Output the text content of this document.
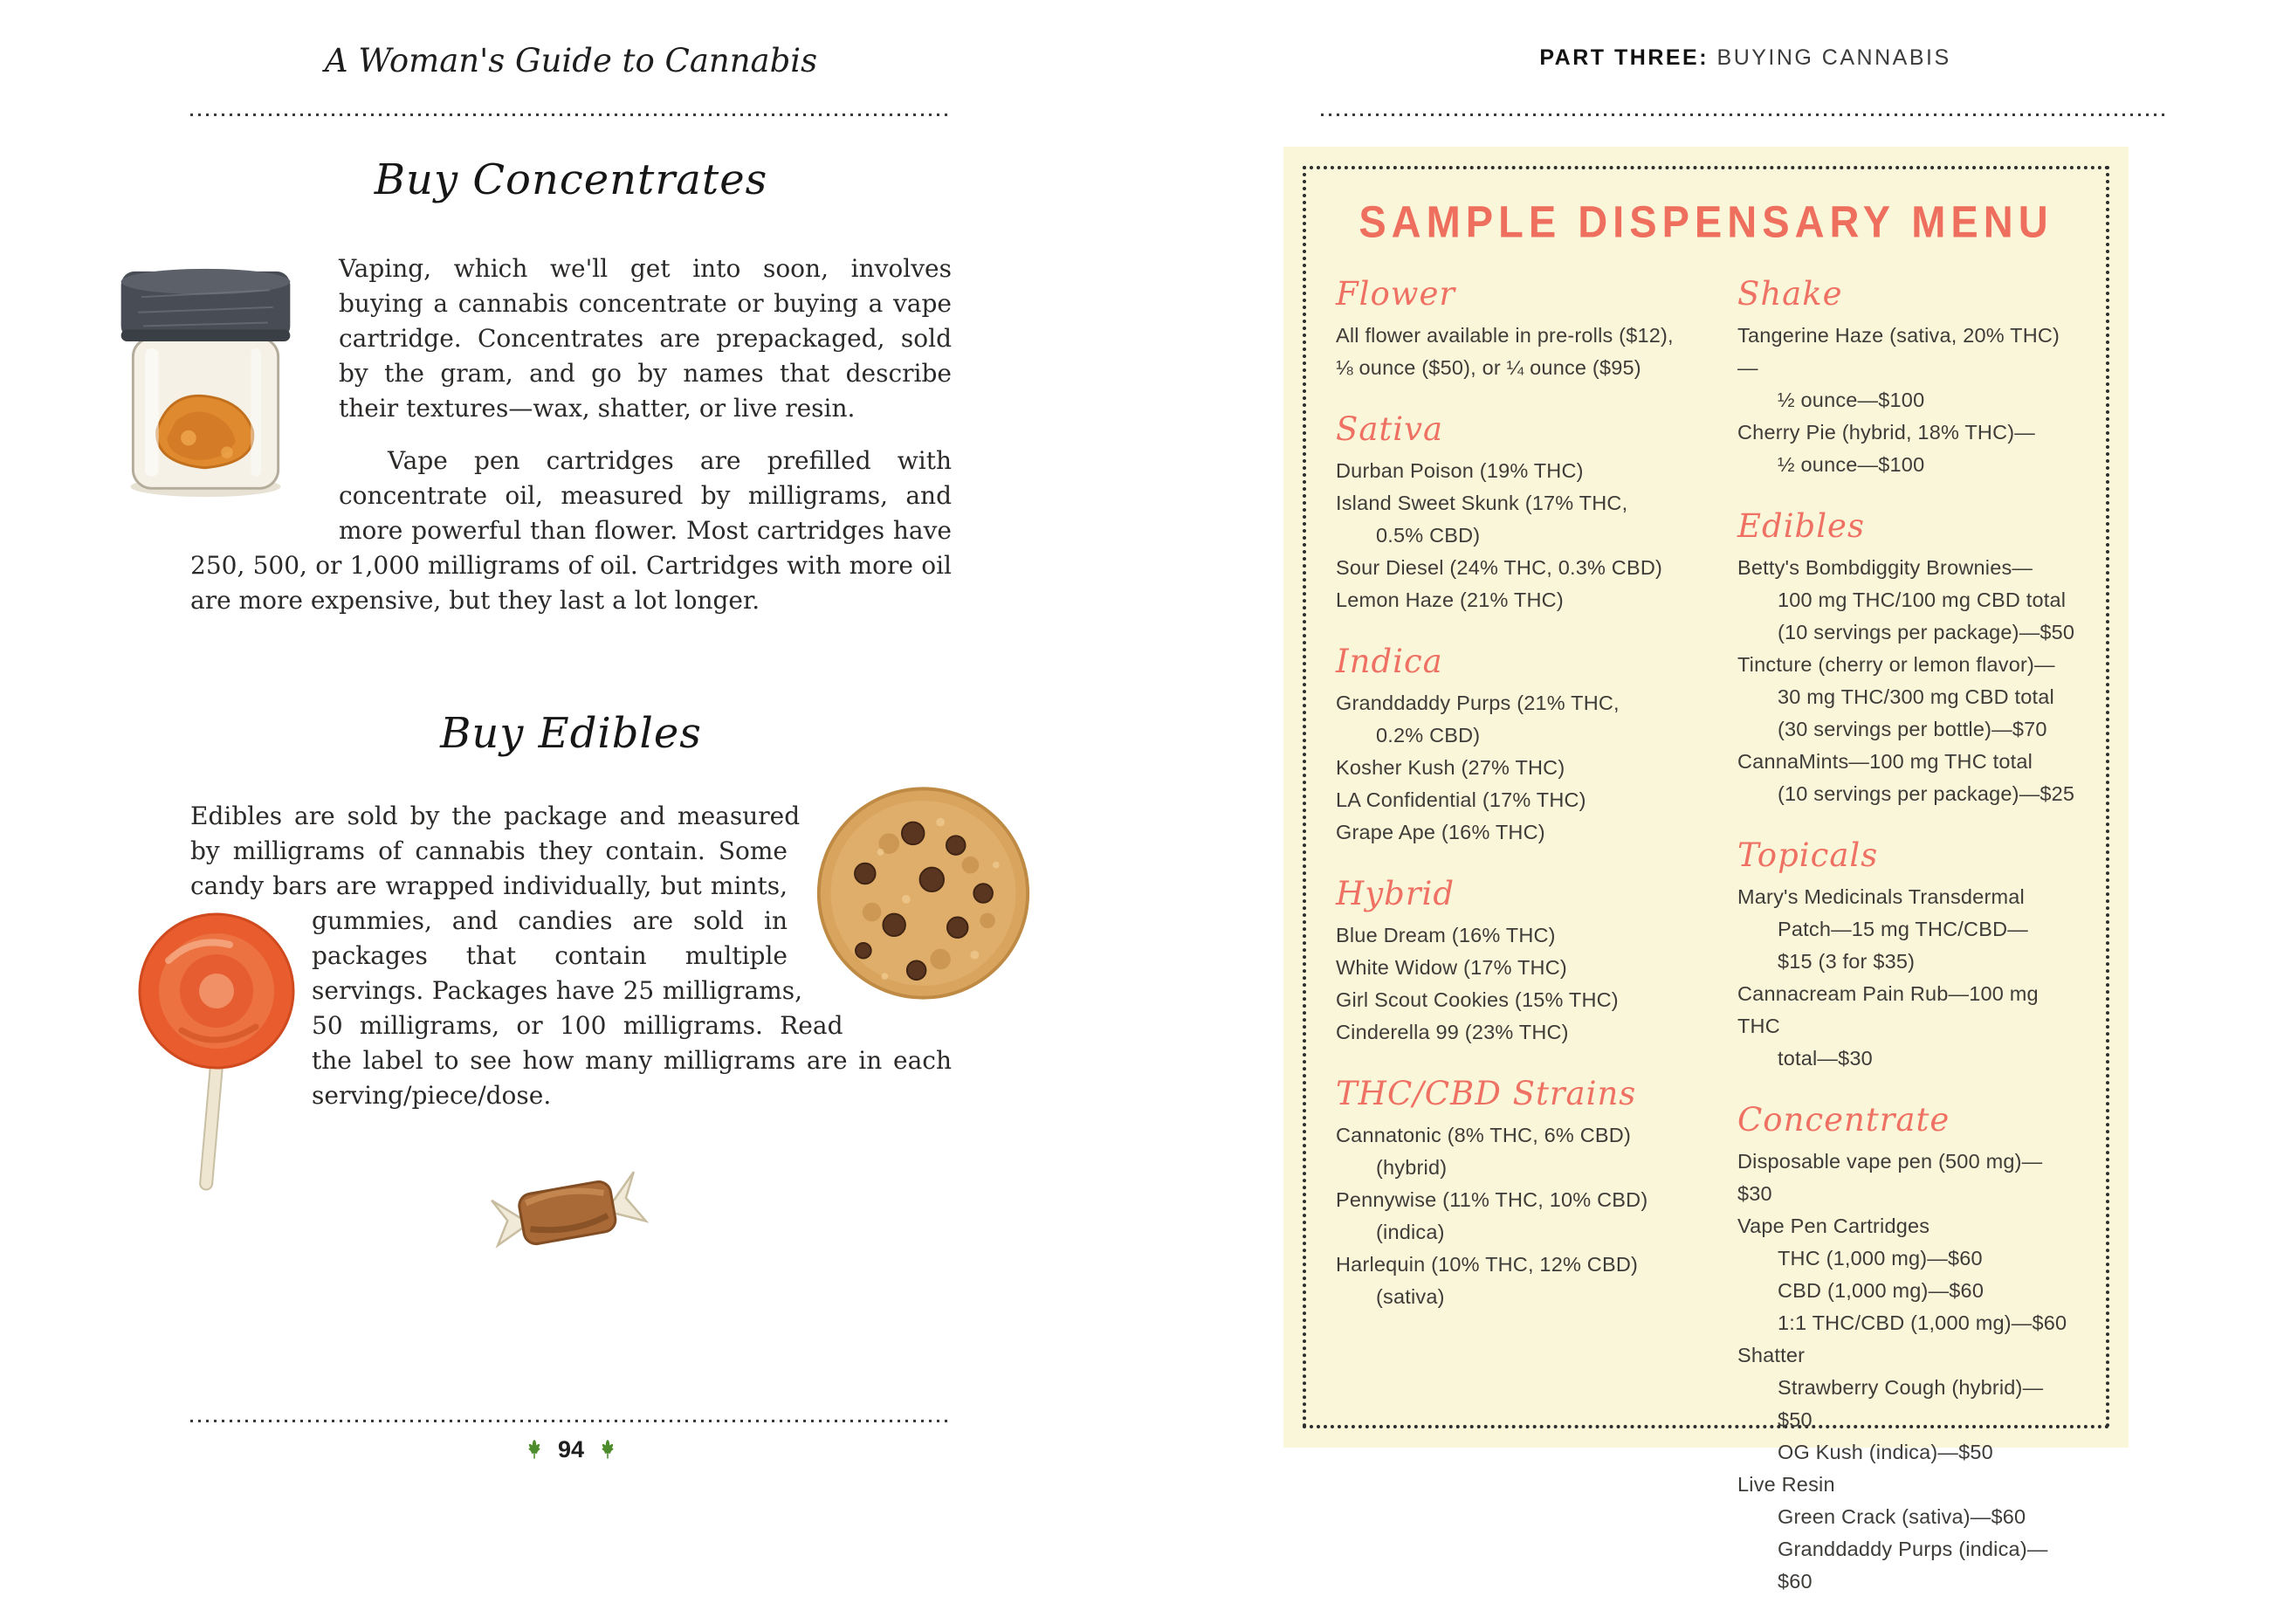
A Woman's Guide to Cannabis
Buy Concentrates

Vaping, which we'll get into soon, involves buying a cannabis concentrate or buying a vape cartridge. Concentrates are prepackaged, sold by the gram, and go by names that describe their textures—wax, shatter, or live resin.

Vape pen cartridges are prefilled with concentrate oil, measured by milligrams, and more powerful than flower. Most cartridges have 250, 500, or 1,000 milligrams of oil. Cartridges with more oil are more expensive, but they last a lot longer.

Buy Edibles

Edibles are sold by the package and measured by milligrams of cannabis they contain. Some candy bars are wrapped individually, but mints, gummies, and candies are sold in packages that contain multiple servings. Packages have 25 milligrams, 50 milligrams, or 100 milligrams. Read the label to see how many milligrams are in each serving/piece/dose.

94
PART THREE: BUYING CANNABIS
SAMPLE DISPENSARY MENU
Flower
All flower available in pre-rolls ($12),
⅛ ounce ($50), or ¼ ounce ($95)
Sativa
Durban Poison (19% THC)
Island Sweet Skunk (17% THC,
0.5% CBD)
Sour Diesel (24% THC, 0.3% CBD)
Lemon Haze (21% THC)
Indica
Granddaddy Purps (21% THC,
0.2% CBD)
Kosher Kush (27% THC)
LA Confidential (17% THC)
Grape Ape (16% THC)
Hybrid
Blue Dream (16% THC)
White Widow (17% THC)
Girl Scout Cookies (15% THC)
Cinderella 99 (23% THC)
THC/CBD Strains
Cannatonic (8% THC, 6% CBD)
(hybrid)
Pennywise (11% THC, 10% CBD)
(indica)
Harlequin (10% THC, 12% CBD)
(sativa)
Shake
Tangerine Haze (sativa, 20% THC)—
½ ounce—$100
Cherry Pie (hybrid, 18% THC)—
½ ounce—$100
Edibles
Betty's Bombdiggity Brownies—
100 mg THC/100 mg CBD total
(10 servings per package)—$50
Tincture (cherry or lemon flavor)—
30 mg THC/300 mg CBD total
(30 servings per bottle)—$70
CannaMints—100 mg THC total
(10 servings per package)—$25
Topicals
Mary's Medicinals Transdermal
Patch—15 mg THC/CBD—
$15 (3 for $35)
Cannacream Pain Rub—100 mg THC
total—$30
Concentrate
Disposable vape pen (500 mg)—$30
Vape Pen Cartridges
THC (1,000 mg)—$60
CBD (1,000 mg)—$60
1:1 THC/CBD (1,000 mg)—$60
Shatter
Strawberry Cough (hybrid)—$50
OG Kush (indica)—$50
Live Resin
Green Crack (sativa)—$60
Granddaddy Purps (indica)—$60
